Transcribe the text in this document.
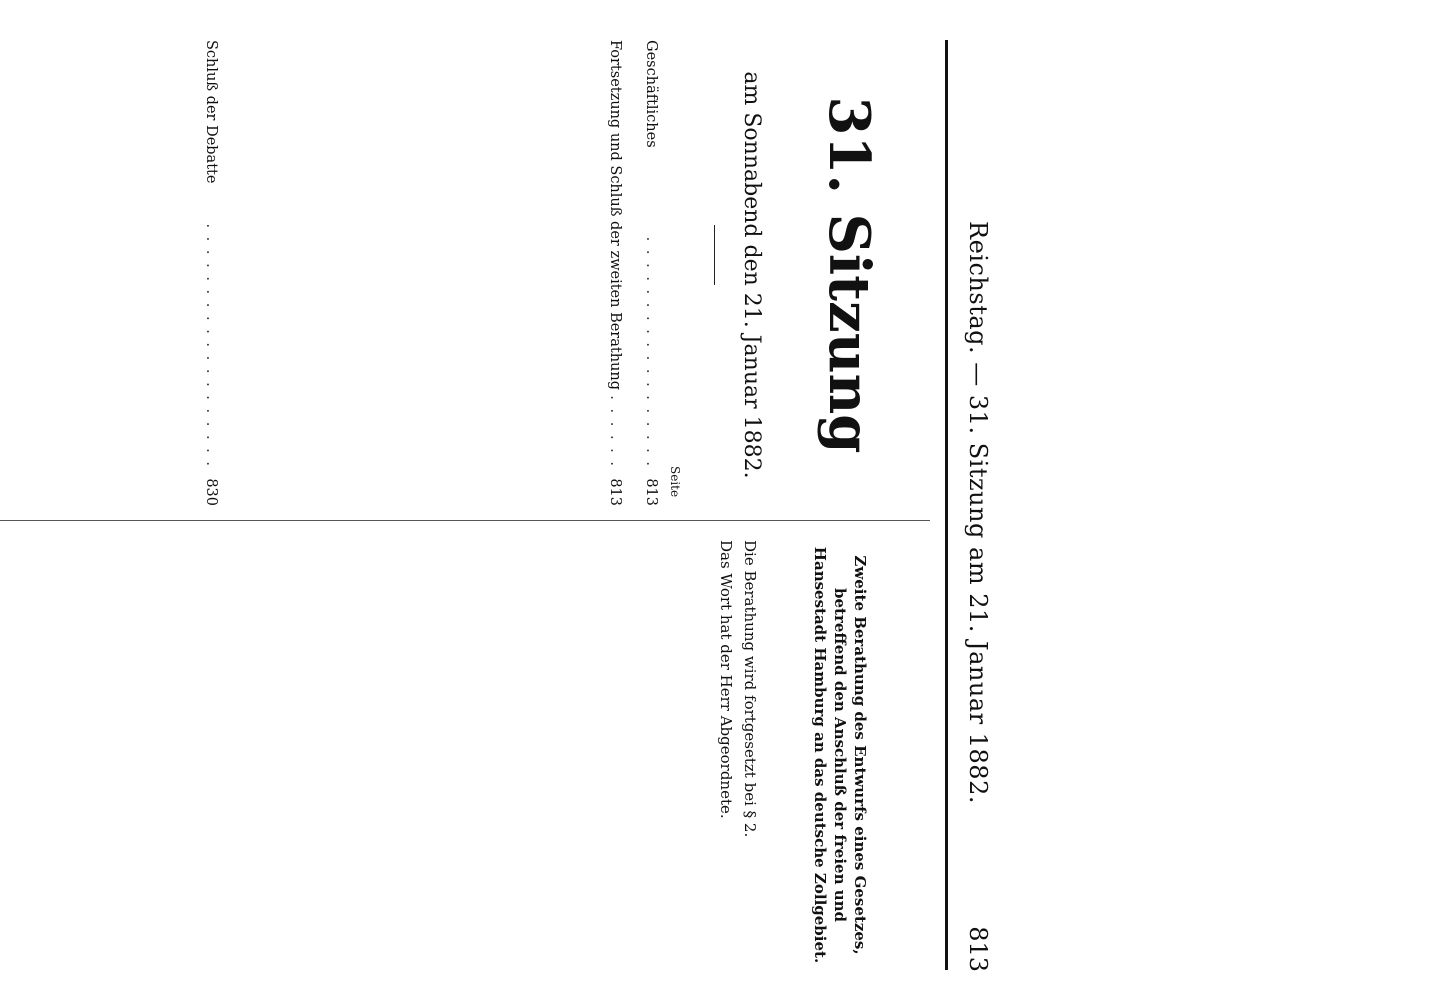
Reichstag. — 31. Sitzung am 21. Januar 1882.
813
31. Sitzung
am Sonnabend den 21. Januar 1882.
Seite
Geschäftliches
. . . . . . . . . . . . . . . . . .
813
Fortsetzung und Schluß der zweiten Berathung
. . . . . .
813
Schluß der Debatte
. . . . . . . . . . . . . . . . . . .
830
Zweite Berathung des Entwurfs eines Gesetzes, betreffend den Anschluß der freien und Hansestadt Hamburg an das deutsche Zollgebiet.
Die Berathung wird fortgesetzt bei § 2.
Das Wort hat der Herr Abgeordnete.
